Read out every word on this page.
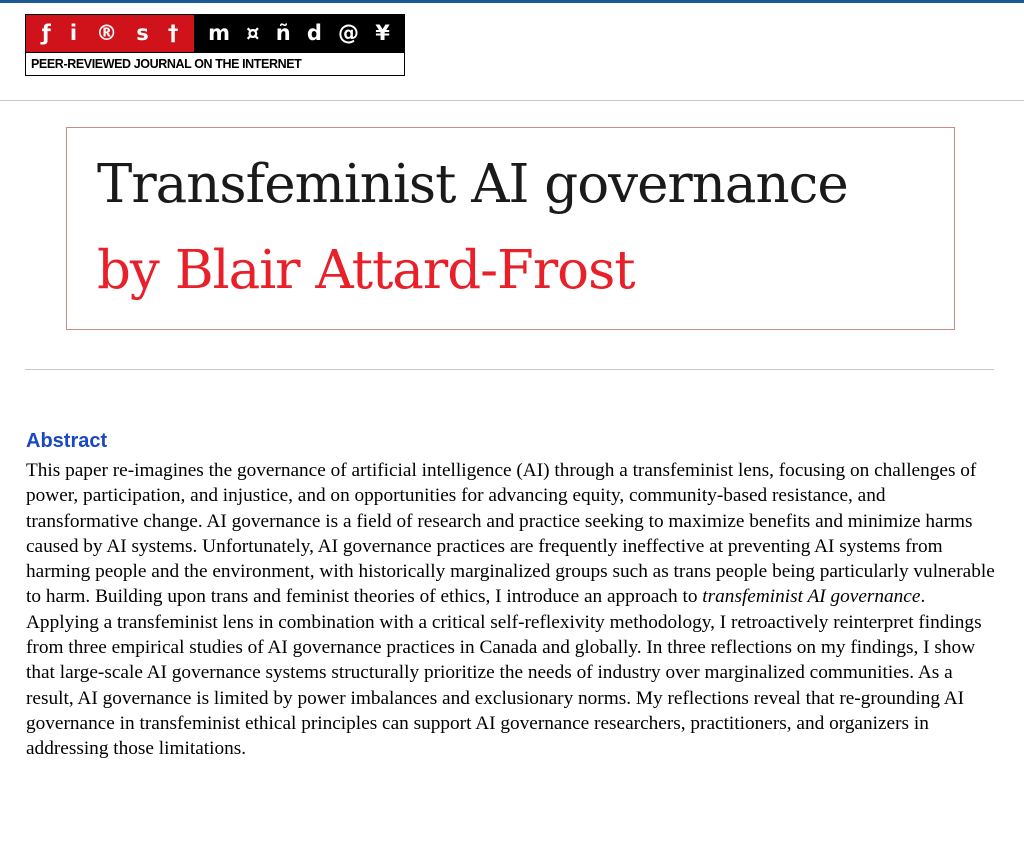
ƒ i ® s † m ¤ ñ d @ ¥
PEER-REVIEWED JOURNAL ON THE INTERNET
Transfeminist AI governance
by Blair Attard-Frost
Abstract

This paper re-imagines the governance of artificial intelligence (AI) through a transfeminist lens, focusing on challenges of power, participation, and injustice, and on opportunities for advancing equity, community-based resistance, and transformative change. AI governance is a field of research and practice seeking to maximize benefits and minimize harms caused by AI systems. Unfortunately, AI governance practices are frequently ineffective at preventing AI systems from harming people and the environment, with historically marginalized groups such as trans people being particularly vulnerable to harm. Building upon trans and feminist theories of ethics, I introduce an approach to transfeminist AI governance. Applying a transfeminist lens in combination with a critical self-reflexivity methodology, I retroactively reinterpret findings from three empirical studies of AI governance practices in Canada and globally. In three reflections on my findings, I show that large-scale AI governance systems structurally prioritize the needs of industry over marginalized communities. As a result, AI governance is limited by power imbalances and exclusionary norms. My reflections reveal that re-grounding AI governance in transfeminist ethical principles can support AI governance researchers, practitioners, and organizers in addressing those limitations.
